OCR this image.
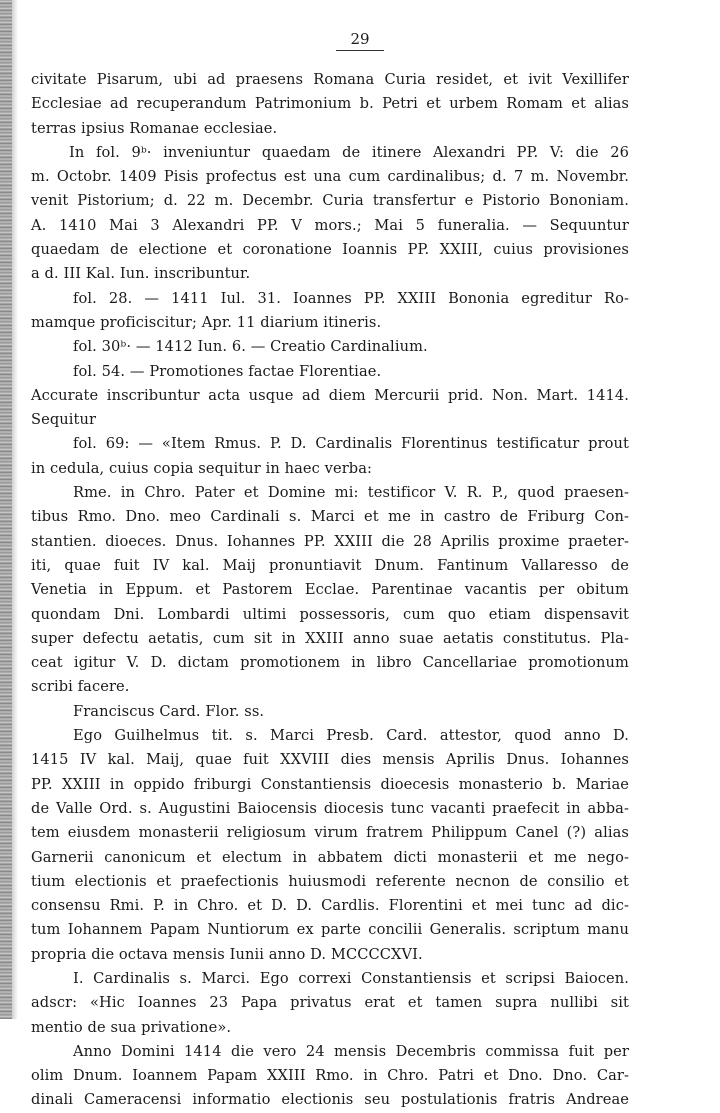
29
civitate Pisarum, ubi ad praesens Romana Curia residet, et ivit Vexillifer
Ecclesiae ad recuperandum Patrimonium b. Petri et urbem Romam et alias
terras ipsius Romanae ecclesiae.
In fol. 9ᵇ· inveniuntur quaedam de itinere Alexandri PP. V: die 26
m. Octobr. 1409 Pisis profectus est una cum cardinalibus; d. 7 m. Novembr.
venit Pistorium; d. 22 m. Decembr. Curia transfertur e Pistorio Bononiam.
A. 1410 Mai 3 Alexandri PP. V mors.; Mai 5 funeralia. — Sequuntur
quaedam de electione et coronatione Ioannis PP. XXIII, cuius provisiones
a d. III Kal. Iun. inscribuntur.
fol. 28. — 1411 Iul. 31. Ioannes PP. XXIII Bononia egreditur Ro-
mamque proficiscitur; Apr. 11 diarium itineris.
fol. 30ᵇ· — 1412 Iun. 6. — Creatio Cardinalium.
fol. 54. — Promotiones factae Florentiae.
Accurate inscribuntur acta usque ad diem Mercurii prid. Non. Mart. 1414.
Sequitur
fol. 69: — «Item Rmus. P. D. Cardinalis Florentinus testificatur prout
in cedula, cuius copia sequitur in haec verba:
Rme. in Chro. Pater et Domine mi: testificor V. R. P., quod praesen-
tibus Rmo. Dno. meo Cardinali s. Marci et me in castro de Friburg Con-
stantien. dioeces. Dnus. Iohannes PP. XXIII die 28 Aprilis proxime praeter-
iti, quae fuit IV kal. Maij pronuntiavit Dnum. Fantinum Vallaresso de
Venetia in Eppum. et Pastorem Ecclae. Parentinae vacantis per obitum
quondam Dni. Lombardi ultimi possessoris, cum quo etiam dispensavit
super defectu aetatis, cum sit in XXIII anno suae aetatis constitutus. Pla-
ceat igitur V. D. dictam promotionem in libro Cancellariae promotionum
scribi facere.
Franciscus Card. Flor. ss.
Ego Guilhelmus tit. s. Marci Presb. Card. attestor, quod anno D.
1415 IV kal. Maij, quae fuit XXVIII dies mensis Aprilis Dnus. Iohannes
PP. XXIII in oppido friburgi Constantiensis dioecesis monasterio b. Mariae
de Valle Ord. s. Augustini Baiocensis diocesis tunc vacanti praefecit in abba-
tem eiusdem monasterii religiosum virum fratrem Philippum Canel (?) alias
Garnerii canonicum et electum in abbatem dicti monasterii et me nego-
tium electionis et praefectionis huiusmodi referente necnon de consilio et
consensu Rmi. P. in Chro. et D. D. Cardlis. Florentini et mei tunc ad dic-
tum Iohannem Papam Nuntiorum ex parte concilii Generalis. scriptum manu
propria die octava mensis Iunii anno D. MCCCCXVI.
I. Cardinalis s. Marci. Ego correxi Constantiensis et scripsi Baiocen.
adscr: «Hic Ioannes 23 Papa privatus erat et tamen supra nullibi sit
mentio de sua privatione».
Anno Domini 1414 die vero 24 mensis Decembris commissa fuit per
olim Dnum. Ioannem Papam XXIII Rmo. in Chro. Patri et Dno. Dno. Car-
dinali Cameracensi informatio electionis seu postulationis fratris Andreae
